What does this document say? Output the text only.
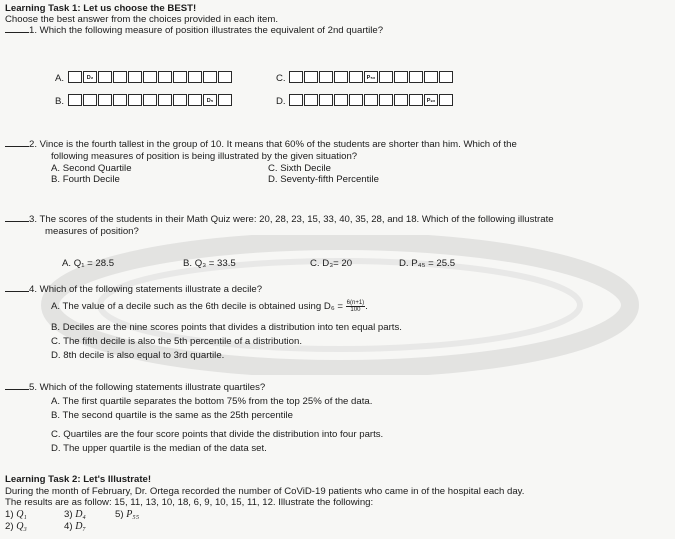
Learning Task 1: Let us choose the BEST!
Choose the best answer from the choices provided in each item.
1. Which the following measure of position illustrates the equivalent of 2nd quartile?
A.	D₂	C.	P₅₀
B.	D₅	D.	P₉₀
2. Vince is the fourth tallest in the group of 10. It means that 60% of the students are shorter than him. Which of the
following measures of position is being illustrated by the given situation?
A. Second Quartile	C. Sixth Decile
B. Fourth Decile	D. Seventy-fifth Percentile
3. The scores of the students in their Math Quiz were: 20, 28, 23, 15, 33, 40, 35, 28, and 18. Which of the following illustrate
measures of position?
A. Q₁ = 28.5	B. Q₃ = 33.5	C. D₃= 20	D. P₄₅ = 25.5
4. Which of the following statements illustrate a decile?
A. The value of a decile such as the 6th decile is obtained using $D_6 = \frac{6(n+1)}{100}$ .
B. Deciles are the nine scores points that divides a distribution into ten equal parts.
C. The fifth decile is also the 5th percentile of a distribution.
D. 8th decile is also equal to 3rd quartile.
5. Which of the following statements illustrate quartiles?
A. The first quartile separates the bottom 75% from the top 25% of the data.
B. The second quartile is the same as the 25th percentile
C. Quartiles are the four score points that divide the distribution into four parts.
D. The upper quartile is the median of the data set.
Learning Task 2: Let's Illustrate!
During the month of February, Dr. Ortega recorded the number of CoViD-19 patients who came in of the hospital each day.
The results are as follow: 15, 11, 13, 10, 18, 6, 9, 10, 15, 11, 12. Illustrate the following:
1) Q₁
2) Q₃
3) D₄
4) D₇
5) P₅₅
